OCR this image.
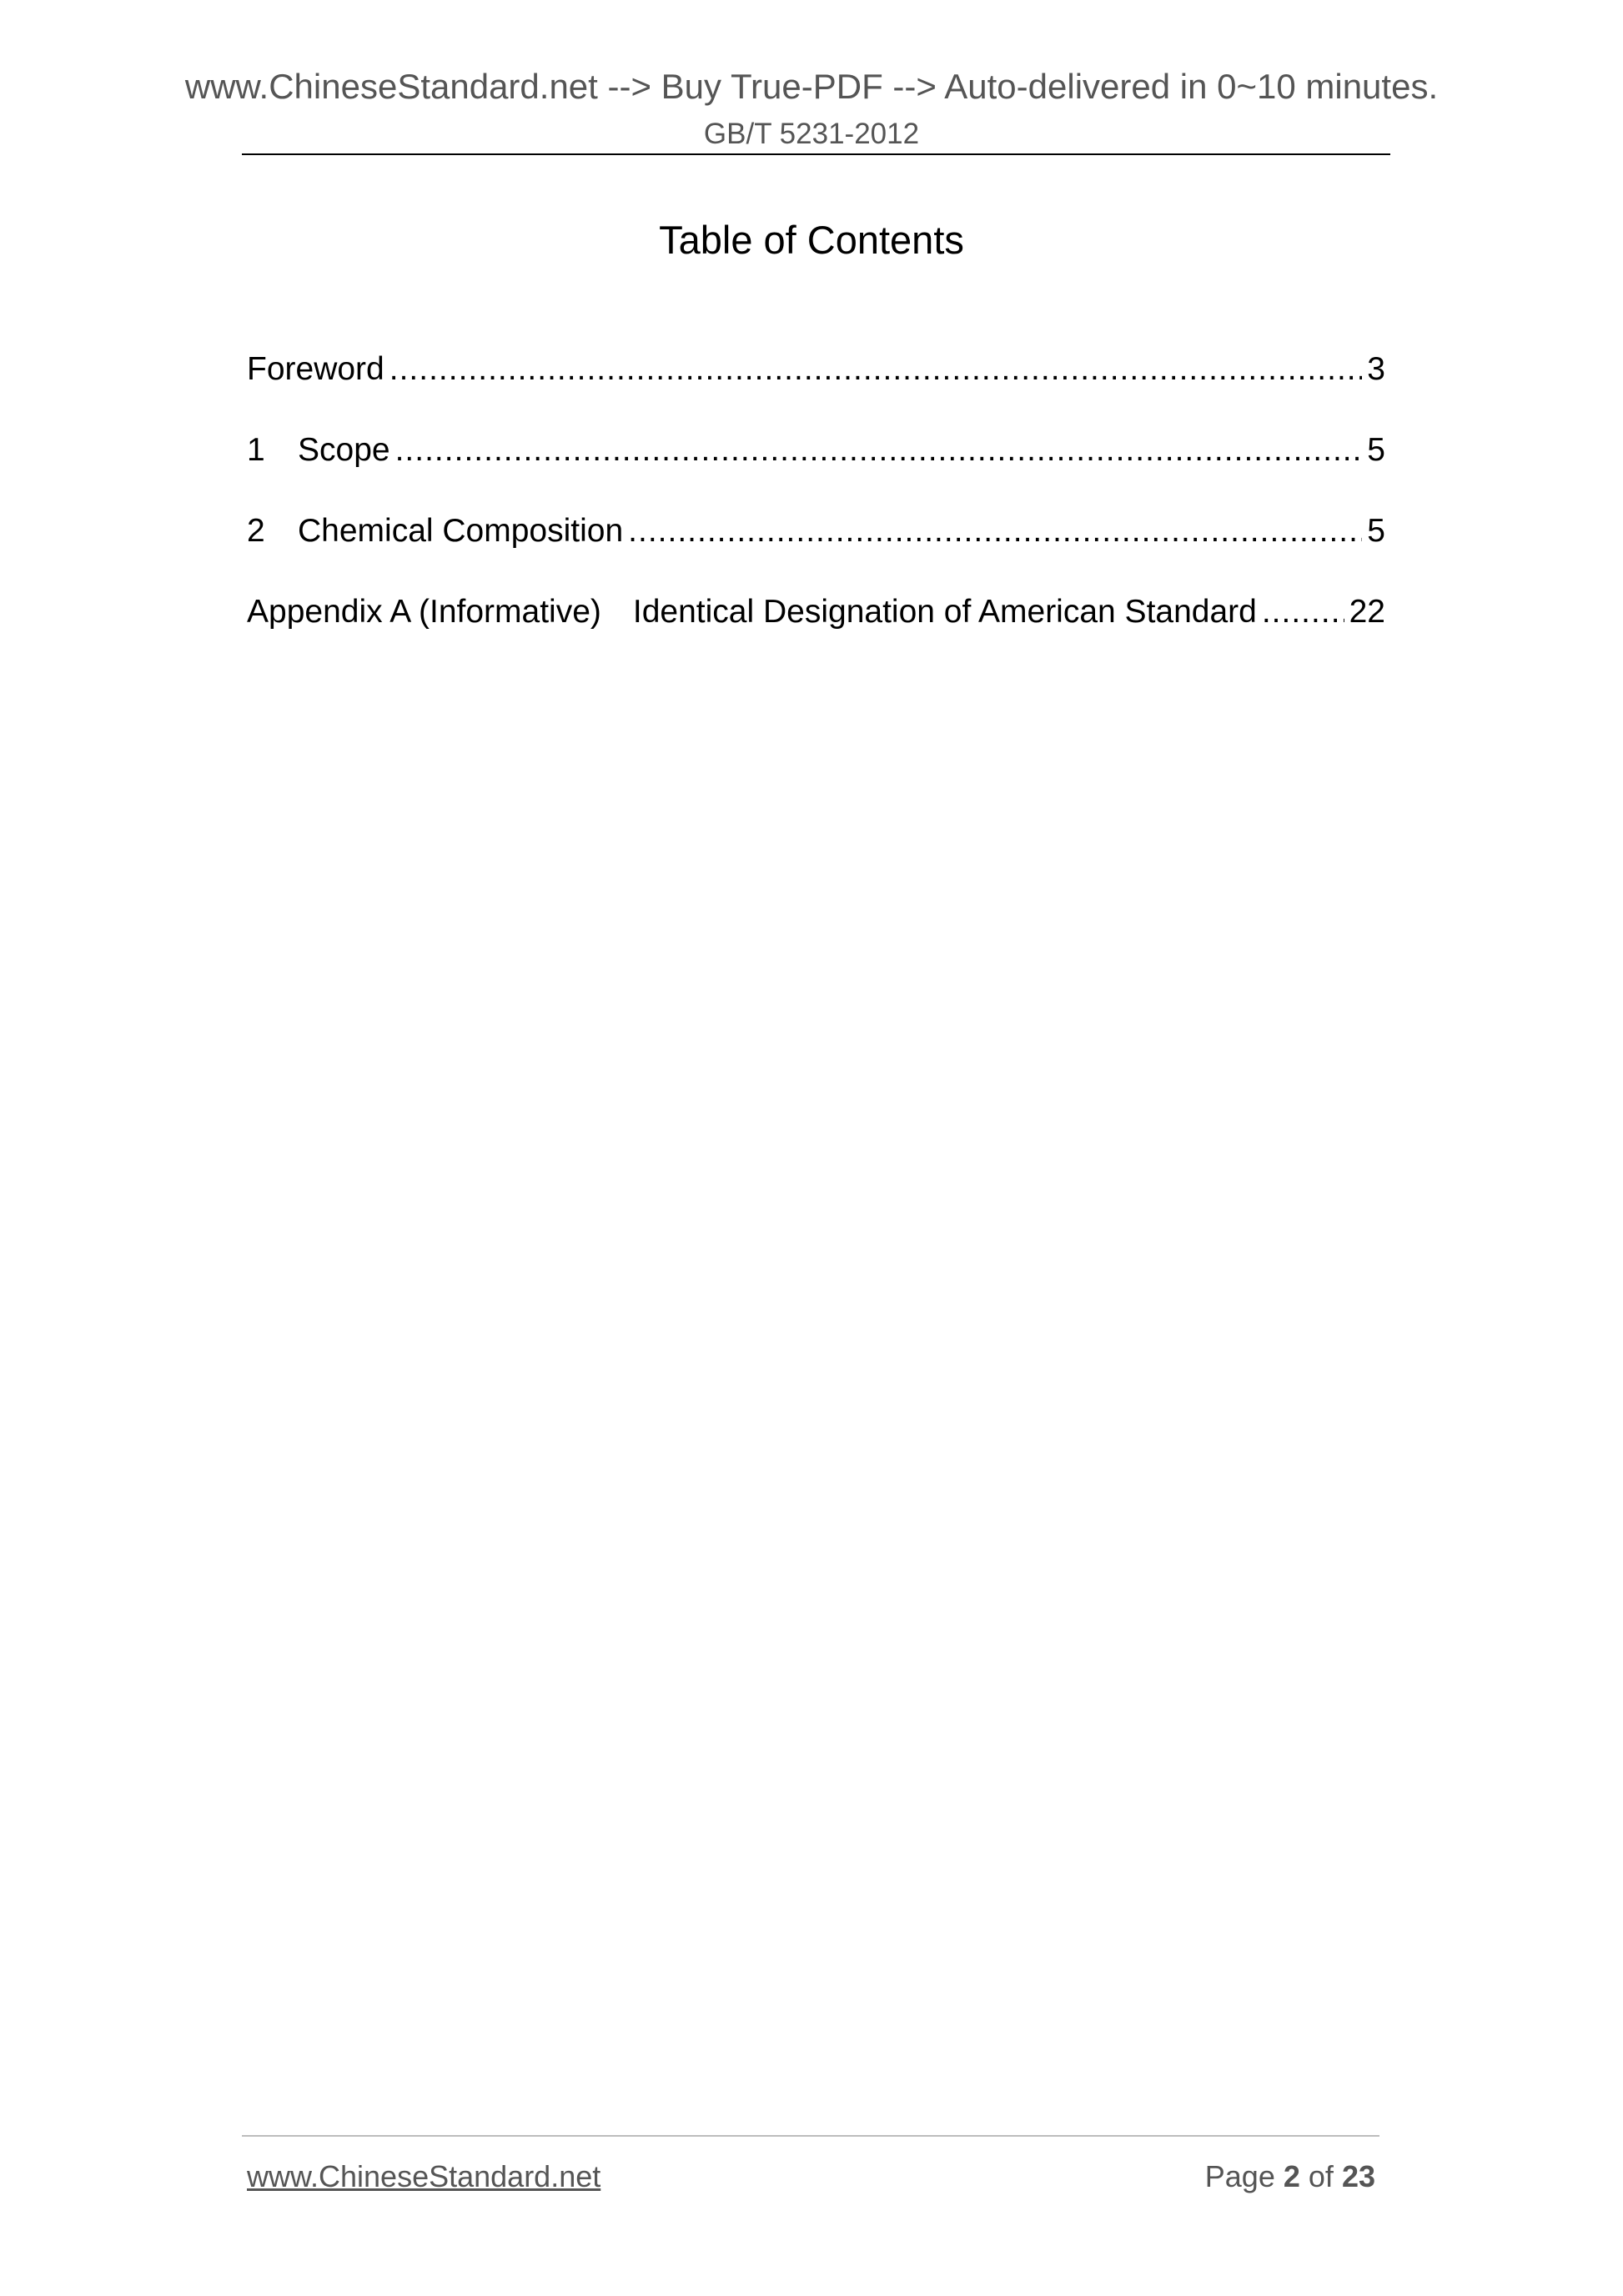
www.ChineseStandard.net --> Buy True-PDF --> Auto-delivered in 0~10 minutes.
GB/T 5231-2012
Table of Contents
Foreword .....	3
1	Scope .....	5
2	Chemical Composition .....	5
Appendix A (Informative) Identical Designation of American Standard .....	22
www.ChineseStandard.net	Page 2 of 23
